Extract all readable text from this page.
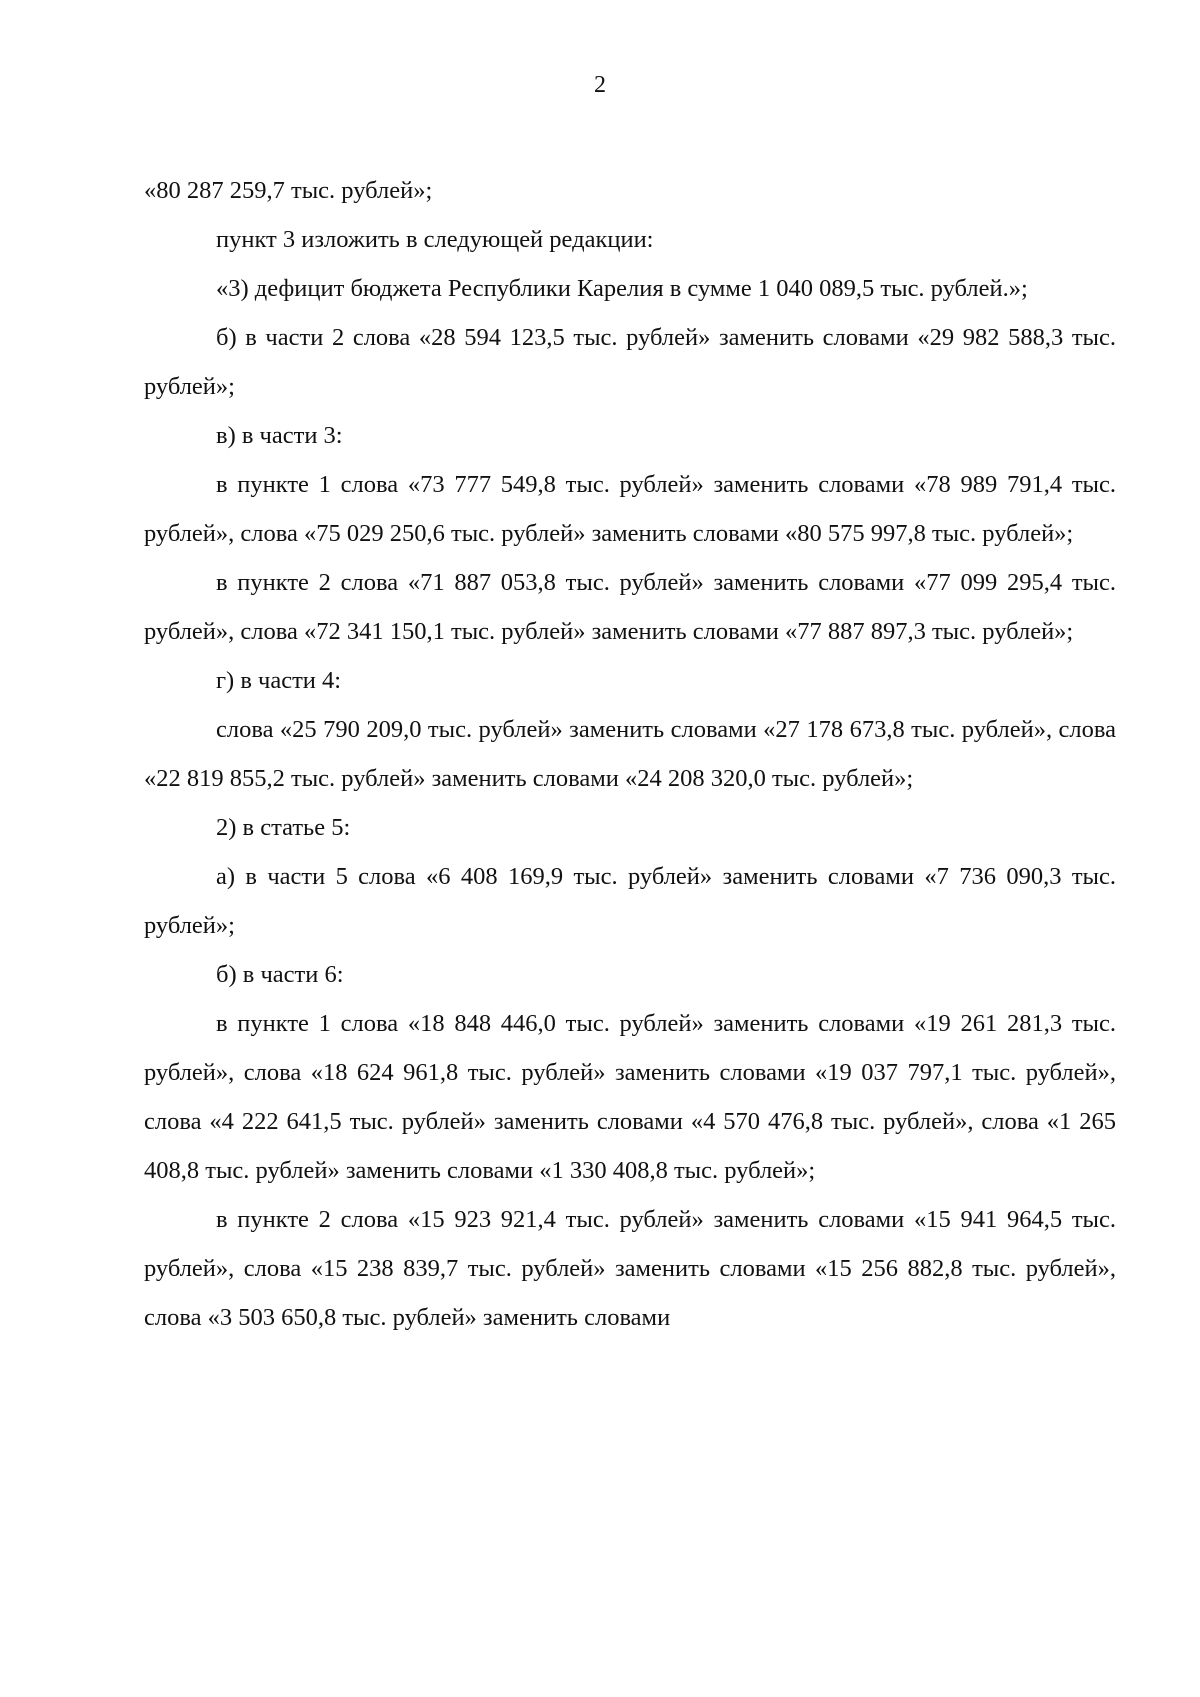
2

«80 287 259,7 тыс. рублей»;

пункт 3 изложить в следующей редакции:

«3) дефицит бюджета Республики Карелия в сумме 1 040 089,5 тыс. рублей.»;

б) в части 2 слова «28 594 123,5 тыс. рублей» заменить словами «29 982 588,3 тыс. рублей»;

в) в части 3:

в пункте 1 слова «73 777 549,8 тыс. рублей» заменить словами «78 989 791,4 тыс. рублей», слова «75 029 250,6 тыс. рублей» заменить словами «80 575 997,8 тыс. рублей»;

в пункте 2 слова «71 887 053,8 тыс. рублей» заменить словами «77 099 295,4 тыс. рублей», слова «72 341 150,1 тыс. рублей» заменить словами «77 887 897,3 тыс. рублей»;

г) в части 4:

слова «25 790 209,0 тыс. рублей» заменить словами «27 178 673,8 тыс. рублей», слова «22 819 855,2 тыс. рублей» заменить словами «24 208 320,0 тыс. рублей»;

2) в статье 5:

а) в части 5 слова «6 408 169,9 тыс. рублей» заменить словами «7 736 090,3 тыс. рублей»;

б) в части 6:

в пункте 1 слова «18 848 446,0 тыс. рублей» заменить словами «19 261 281,3 тыс. рублей», слова «18 624 961,8 тыс. рублей» заменить словами «19 037 797,1 тыс. рублей», слова «4 222 641,5 тыс. рублей» заменить словами «4 570 476,8 тыс. рублей», слова «1 265 408,8 тыс. рублей» заменить словами «1 330 408,8 тыс. рублей»;

в пункте 2 слова «15 923 921,4 тыс. рублей» заменить словами «15 941 964,5 тыс. рублей», слова «15 238 839,7 тыс. рублей» заменить словами «15 256 882,8 тыс. рублей», слова «3 503 650,8 тыс. рублей» заменить словами
